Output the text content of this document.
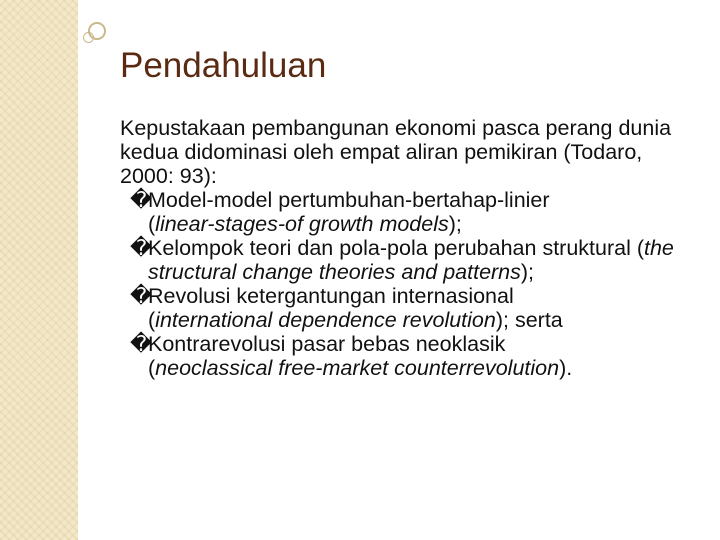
Pendahuluan

Kepustakaan pembangunan ekonomi pasca perang dunia kedua didominasi oleh empat aliran pemikiran (Todaro, 2000: 93):

�
Model-model pertumbuhan-bertahap-linier
(linear-stages-of growth models);
�
Kelompok teori dan pola-pola perubahan struktural (the structural change theories and patterns);
�
Revolusi ketergantungan internasional
(international dependence revolution); serta
�
Kontrarevolusi pasar bebas neoklasik
(neoclassical free-market counterrevolution).
